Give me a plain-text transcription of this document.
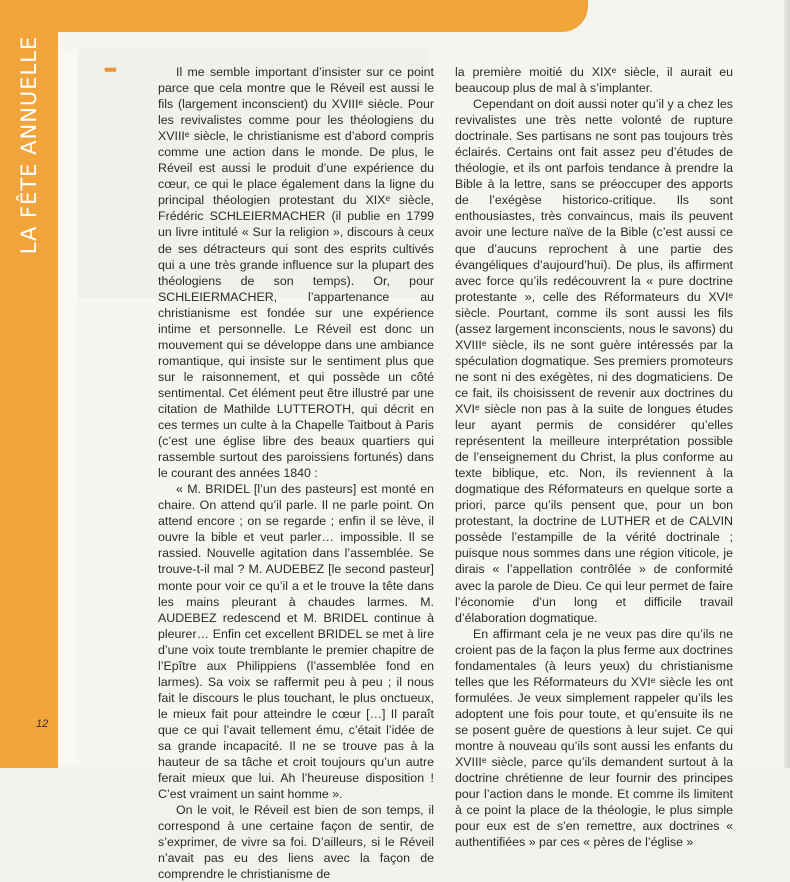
LA FÊTE ANNUELLE	•••	Il me semble important d’insister sur ce point parce que cela montre que le Réveil est aussi le fils (largement inconscient) du XVIIIᵉ siècle. Pour les revivalistes comme pour les théologiens du XVIIIᵉ siècle, le christianisme est d’abord compris comme une action dans le monde. De plus, le Réveil est aussi le produit d’une expérience du cœur, ce qui le place également dans la ligne du principal théologien protestant du XIXᵉ siècle, Frédéric SCHLEIERMACHER (il publie en 1799 un livre intitulé « Sur la religion », discours à ceux de ses détracteurs qui sont des esprits cultivés qui a une très grande influence sur la plupart des théologiens de son temps). Or, pour SCHLEIERMACHER, l’appartenance au christianisme est fondée sur une expérience intime et personnelle. Le Réveil est donc un mouvement qui se développe dans une ambiance romantique, qui insiste sur le sentiment plus que sur le raisonnement, et qui possède un côté sentimental. Cet élément peut être illustré par une citation de Mathilde LUTTEROTH, qui décrit en ces termes un culte à la Chapelle Taitbout à Paris (c’est une église libre des beaux quartiers qui rassemble surtout des paroissiens fortunés) dans le courant des années 1840 :

« M. BRIDEL [l’un des pasteurs] est monté en chaire. On attend qu’il parle. Il ne parle point. On attend encore ; on se regarde ; enfin il se lève, il ouvre la bible et veut parler… impossible. Il se rassied. Nouvelle agitation dans l’assemblée. Se trouve-t-il mal ? M. AUDEBEZ [le second pasteur] monte pour voir ce qu’il a et le trouve la tête dans les mains pleurant à chaudes larmes. M. AUDEBEZ redescend et M. BRIDEL continue à pleurer… Enfin cet excellent BRIDEL se met à lire d’une voix toute tremblante le premier chapitre de l’Epître aux Philippiens (l’assemblée fond en larmes). Sa voix se raffermit peu à peu ; il nous fait le discours le plus touchant, le plus onctueux, le mieux fait pour atteindre le cœur […] Il paraît que ce qui l’avait tellement ému, c’était l’idée de sa grande incapacité. Il ne se trouve pas à la hauteur de sa tâche et croit toujours qu’un autre ferait mieux que lui. Ah l’heureuse disposition ! C’est vraiment un saint homme ».

On le voit, le Réveil est bien de son temps, il correspond à une certaine façon de sentir, de s’exprimer, de vivre sa foi. D’ailleurs, si le Réveil n’avait pas eu des liens avec la façon de comprendre le christianisme de

la première moitié du XIXᵉ siècle, il aurait eu beaucoup plus de mal à s’implanter.

Cependant on doit aussi noter qu’il y a chez les revivalistes une très nette volonté de rupture doctrinale. Ses partisans ne sont pas toujours très éclairés. Certains ont fait assez peu d’études de théologie, et ils ont parfois tendance à prendre la Bible à la lettre, sans se préoccuper des apports de l’exégèse historico-critique. Ils sont enthousiastes, très convaincus, mais ils peuvent avoir une lecture naïve de la Bible (c’est aussi ce que d’aucuns reprochent à une partie des évangéliques d’aujourd’hui). De plus, ils affirment avec force qu’ils redécouvrent la « pure doctrine protestante », celle des Réformateurs du XVIᵉ siècle. Pourtant, comme ils sont aussi les fils (assez largement inconscients, nous le savons) du XVIIIᵉ siècle, ils ne sont guère intéressés par la spéculation dogmatique. Ses premiers promoteurs ne sont ni des exégètes, ni des dogmaticiens. De ce fait, ils choisissent de revenir aux doctrines du XVIᵉ siècle non pas à la suite de longues études leur ayant permis de considérer qu’elles représentent la meilleure interprétation possible de l’enseignement du Christ, la plus conforme au texte biblique, etc. Non, ils reviennent à la dogmatique des Réformateurs en quelque sorte a priori, parce qu’ils pensent que, pour un bon protestant, la doctrine de LUTHER et de CALVIN possède l’estampille de la vérité doctrinale ; puisque nous sommes dans une région viticole, je dirais « l’appellation contrôlée » de conformité avec la parole de Dieu. Ce qui leur permet de faire l’économie d’un long et difficile travail d’élaboration dogmatique.

En affirmant cela je ne veux pas dire qu’ils ne croient pas de la façon la plus ferme aux doctrines fondamentales (à leurs yeux) du christianisme telles que les Réformateurs du XVIᵉ siècle les ont formulées. Je veux simplement rappeler qu’ils les adoptent une fois pour toute, et qu’ensuite ils ne se posent guère de questions à leur sujet. Ce qui montre à nouveau qu’ils sont aussi les enfants du XVIIIᵉ siècle, parce qu’ils demandent surtout à la doctrine chrétienne de leur fournir des principes pour l’action dans le monde. Et comme ils limitent à ce point la place de la théologie, le plus simple pour eux est de s’en remettre, aux doctrines « authentifiées » par ces « pères de l’église »

12
